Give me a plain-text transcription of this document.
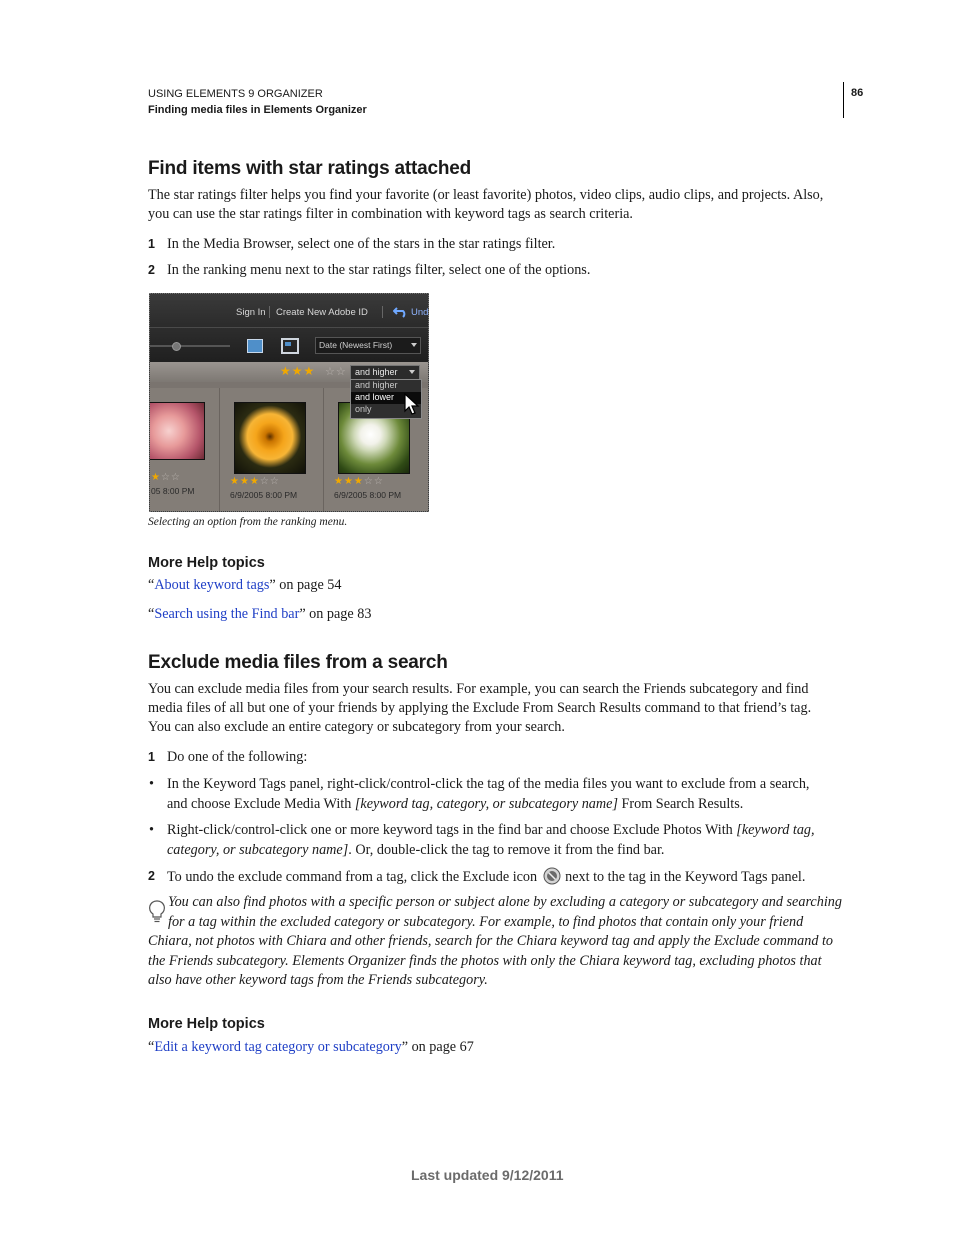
USING ELEMENTS 9 ORGANIZER
Finding media files in Elements Organizer
86
Find items with star ratings attached

The star ratings filter helps you find your favorite (or least favorite) photos, video clips, audio clips, and projects. Also,

you can use the star ratings filter in combination with keyword tags as search criteria.

1 In the Media Browser, select one of the stars in the star ratings filter.
2 In the ranking menu next to the star ratings filter, select one of the options.
Sign In Create New Adobe ID	Und
Date (Newest First)
★★★ ☆☆ and higher
★☆☆
05 8:00 PM
★★★☆☆
6/9/2005 8:00 PM
★★★☆☆
6/9/2005 8:00 PM
and higher
and lower
only
Selecting an option from the ranking menu.
More Help topics

“About keyword tags” on page 54

“Search using the Find bar” on page 83

Exclude media files from a search

You can exclude media files from your search results. For example, you can search the Friends subcategory and find

media files of all but one of your friends by applying the Exclude From Search Results command to that friend’s tag.

You can also exclude an entire category or subcategory from your search.

1 Do one of the following:
• In the Keyword Tags panel, right-click/control-click the tag of the media files you want to exclude from a search,
and choose Exclude Media With [keyword tag, category, or subcategory name] From Search Results.
• Right-click/control-click one or more keyword tags in the find bar and choose Exclude Photos With [keyword tag,
category, or subcategory name]. Or, double-click the tag to remove it from the find bar.
2 To undo the exclude command from a tag, click the Exclude icon next to the tag in the Keyword Tags panel.

You can also find photos with a specific person or subject alone by excluding a category or subcategory and searching

for a tag within the excluded category or subcategory. For example, to find photos that contain only your friend

Chiara, not photos with Chiara and other friends, search for the Chiara keyword tag and apply the Exclude command to

the Friends subcategory. Elements Organizer finds the photos with only the Chiara keyword tag, excluding photos that

also have other keyword tags from the Friends subcategory.

More Help topics

“Edit a keyword tag category or subcategory” on page 67

Last updated 9/12/2011
